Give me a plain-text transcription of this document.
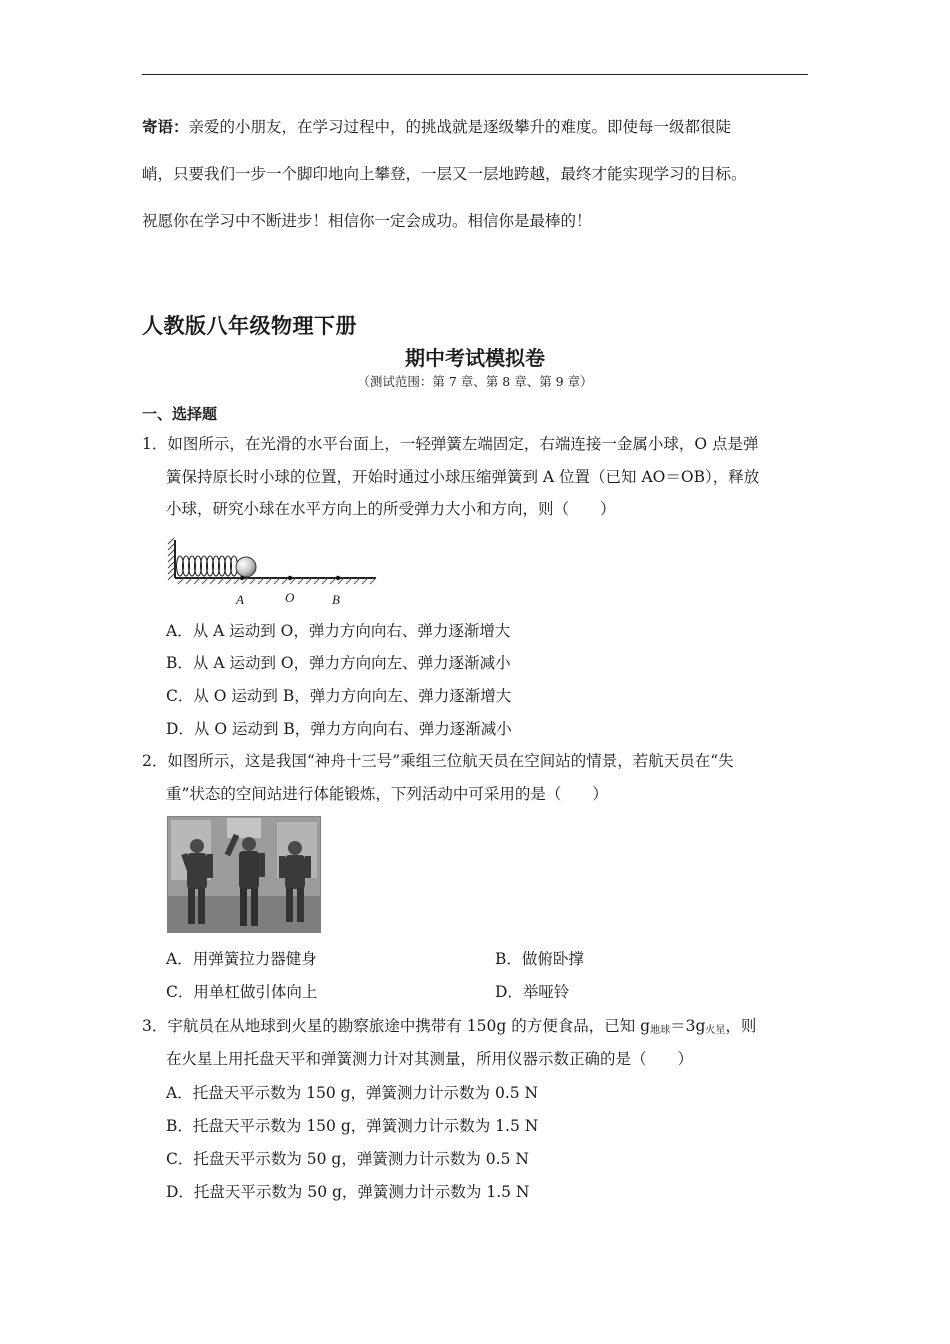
寄语：亲爱的小朋友，在学习过程中，的挑战就是逐级攀升的难度。即使每一级都很陡
峭，只要我们一步一个脚印地向上攀登，一层又一层地跨越，最终才能实现学习的目标。
祝愿你在学习中不断进步！相信你一定会成功。相信你是最棒的！
人教版八年级物理下册
期中考试模拟卷
（测试范围：第 7 章、第 8 章、第 9 章）
一、选择题
1．如图所示，在光滑的水平台面上，一轻弹簧左端固定，右端连接一金属小球，O 点是弹
簧保持原长时小球的位置，开始时通过小球压缩弹簧到 A 位置（已知 AO＝OB），释放
小球，研究小球在水平方向上的所受弹力大小和方向，则（　　）
A	O	B
A．从 A 运动到 O，弹力方向向右、弹力逐渐增大
B．从 A 运动到 O，弹力方向向左、弹力逐渐减小
C．从 O 运动到 B，弹力方向向左、弹力逐渐增大
D．从 O 运动到 B，弹力方向向右、弹力逐渐减小
2．如图所示，这是我国“神舟十三号”乘组三位航天员在空间站的情景，若航天员在“失
重”状态的空间站进行体能锻炼，下列活动中可采用的是（　　）
A．用弹簧拉力器健身	B．做俯卧撑
C．用单杠做引体向上	D．举哑铃
3．宇航员在从地球到火星的勘察旅途中携带有 150g 的方便食品，已知 $g_{地球}=3g_{火星}$，则
在火星上用托盘天平和弹簧测力计对其测量，所用仪器示数正确的是（　　）
A．托盘天平示数为 150 g，弹簧测力计示数为 0.5 N
B．托盘天平示数为 150 g，弹簧测力计示数为 1.5 N
C．托盘天平示数为 50 g，弹簧测力计示数为 0.5 N
D．托盘天平示数为 50 g，弹簧测力计示数为 1.5 N
